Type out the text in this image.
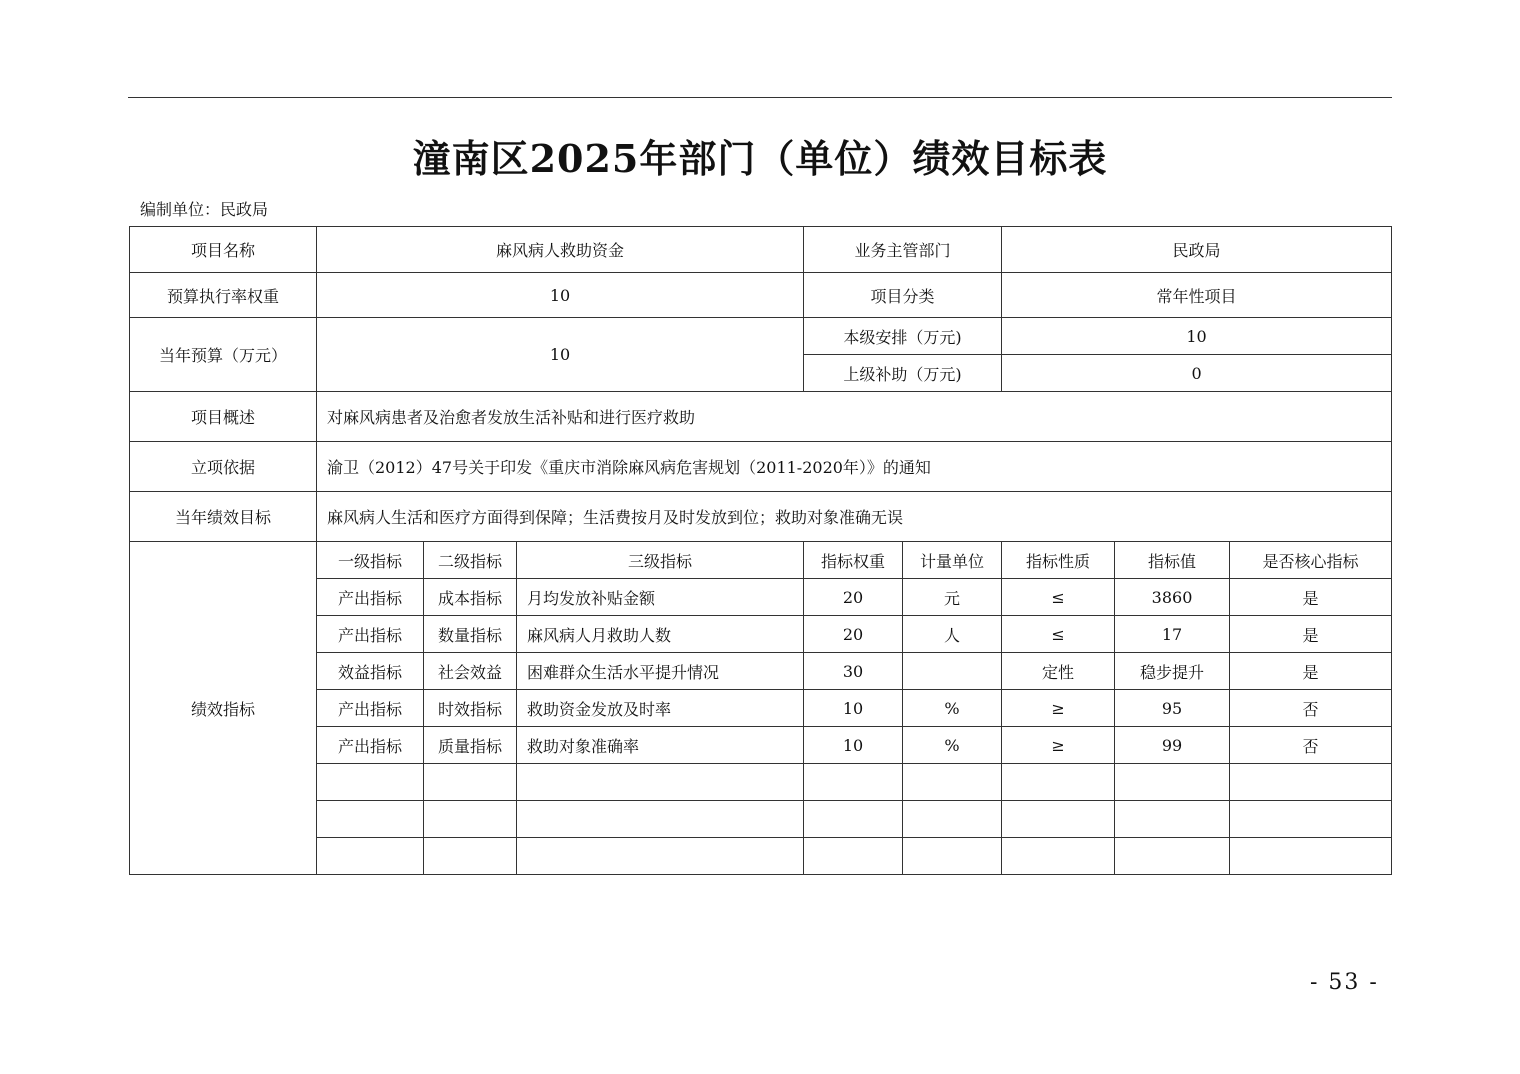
潼南区2025年部门（单位）绩效目标表
编制单位：民政局
项目名称	麻风病人救助资金			业务主管部门		民政局		
预算执行率权重	10			项目分类		常年性项目		
当年预算（万元）	10			本级安排（万元)		10		
				上级补助（万元)		0		
项目概述	对麻风病患者及治愈者发放生活补贴和进行医疗救助							
立项依据	渝卫（2012）47号关于印发《重庆市消除麻风病危害规划（2011-2020年）》的通知							
当年绩效目标	麻风病人生活和医疗方面得到保障；生活费按月及时发放到位；救助对象准确无误							
绩效指标	一级指标	二级指标	三级指标	指标权重	计量单位	指标性质	指标值	是否核心指标
	产出指标	成本指标	月均发放补贴金额	20	元	≤	3860	是
	产出指标	数量指标	麻风病人月救助人数	20	人	≤	17	是
	效益指标	社会效益	困难群众生活水平提升情况	30		定性	稳步提升	是
	产出指标	时效指标	救助资金发放及时率	10	%	≥	95	否
	产出指标	质量指标	救助对象准确率	10	%	≥	99	否

- 53 -
